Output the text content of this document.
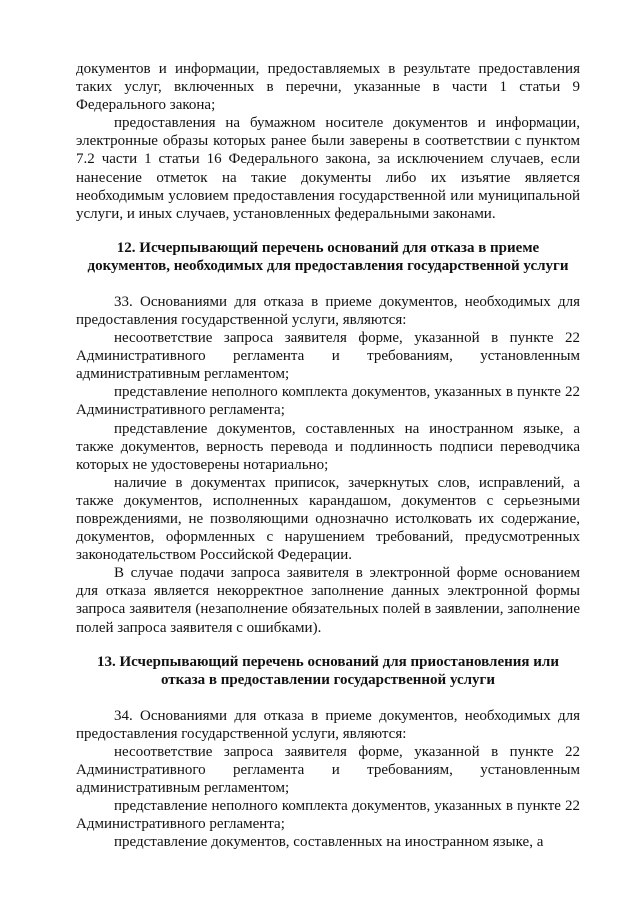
документов и информации, предоставляемых в результате предоставления таких услуг, включенных в перечни, указанные в части 1 статьи 9 Федерального закона;

предоставления на бумажном носителе документов и информации, электронные образы которых ранее были заверены в соответствии с пунктом 7.2 части 1 статьи 16 Федерального закона, за исключением случаев, если нанесение отметок на такие документы либо их изъятие является необходимым условием предоставления государственной или муниципальной услуги, и иных случаев, установленных федеральными законами.

12. Исчерпывающий перечень оснований для отказа в приеме документов, необходимых для предоставления государственной услуги

33. Основаниями для отказа в приеме документов, необходимых для предоставления государственной услуги, являются:

несоответствие запроса заявителя форме, указанной в пункте 22 Административного регламента и требованиям, установленным административным регламентом;

представление неполного комплекта документов, указанных в пункте 22 Административного регламента;

представление документов, составленных на иностранном языке, а также документов, верность перевода и подлинность подписи переводчика которых не удостоверены нотариально;

наличие в документах приписок, зачеркнутых слов, исправлений, а также документов, исполненных карандашом, документов с серьезными повреждениями, не позволяющими однозначно истолковать их содержание, документов, оформленных с нарушением требований, предусмотренных законодательством Российской Федерации.

В случае подачи запроса заявителя в электронной форме основанием для отказа является некорректное заполнение данных электронной формы запроса заявителя (незаполнение обязательных полей в заявлении, заполнение полей запроса заявителя с ошибками).

13. Исчерпывающий перечень оснований для приостановления или отказа в предоставлении государственной услуги

34. Основаниями для отказа в приеме документов, необходимых для предоставления государственной услуги, являются:

несоответствие запроса заявителя форме, указанной в пункте 22 Административного регламента и требованиям, установленным административным регламентом;

представление неполного комплекта документов, указанных в пункте 22 Административного регламента;

представление документов, составленных на иностранном языке, а
